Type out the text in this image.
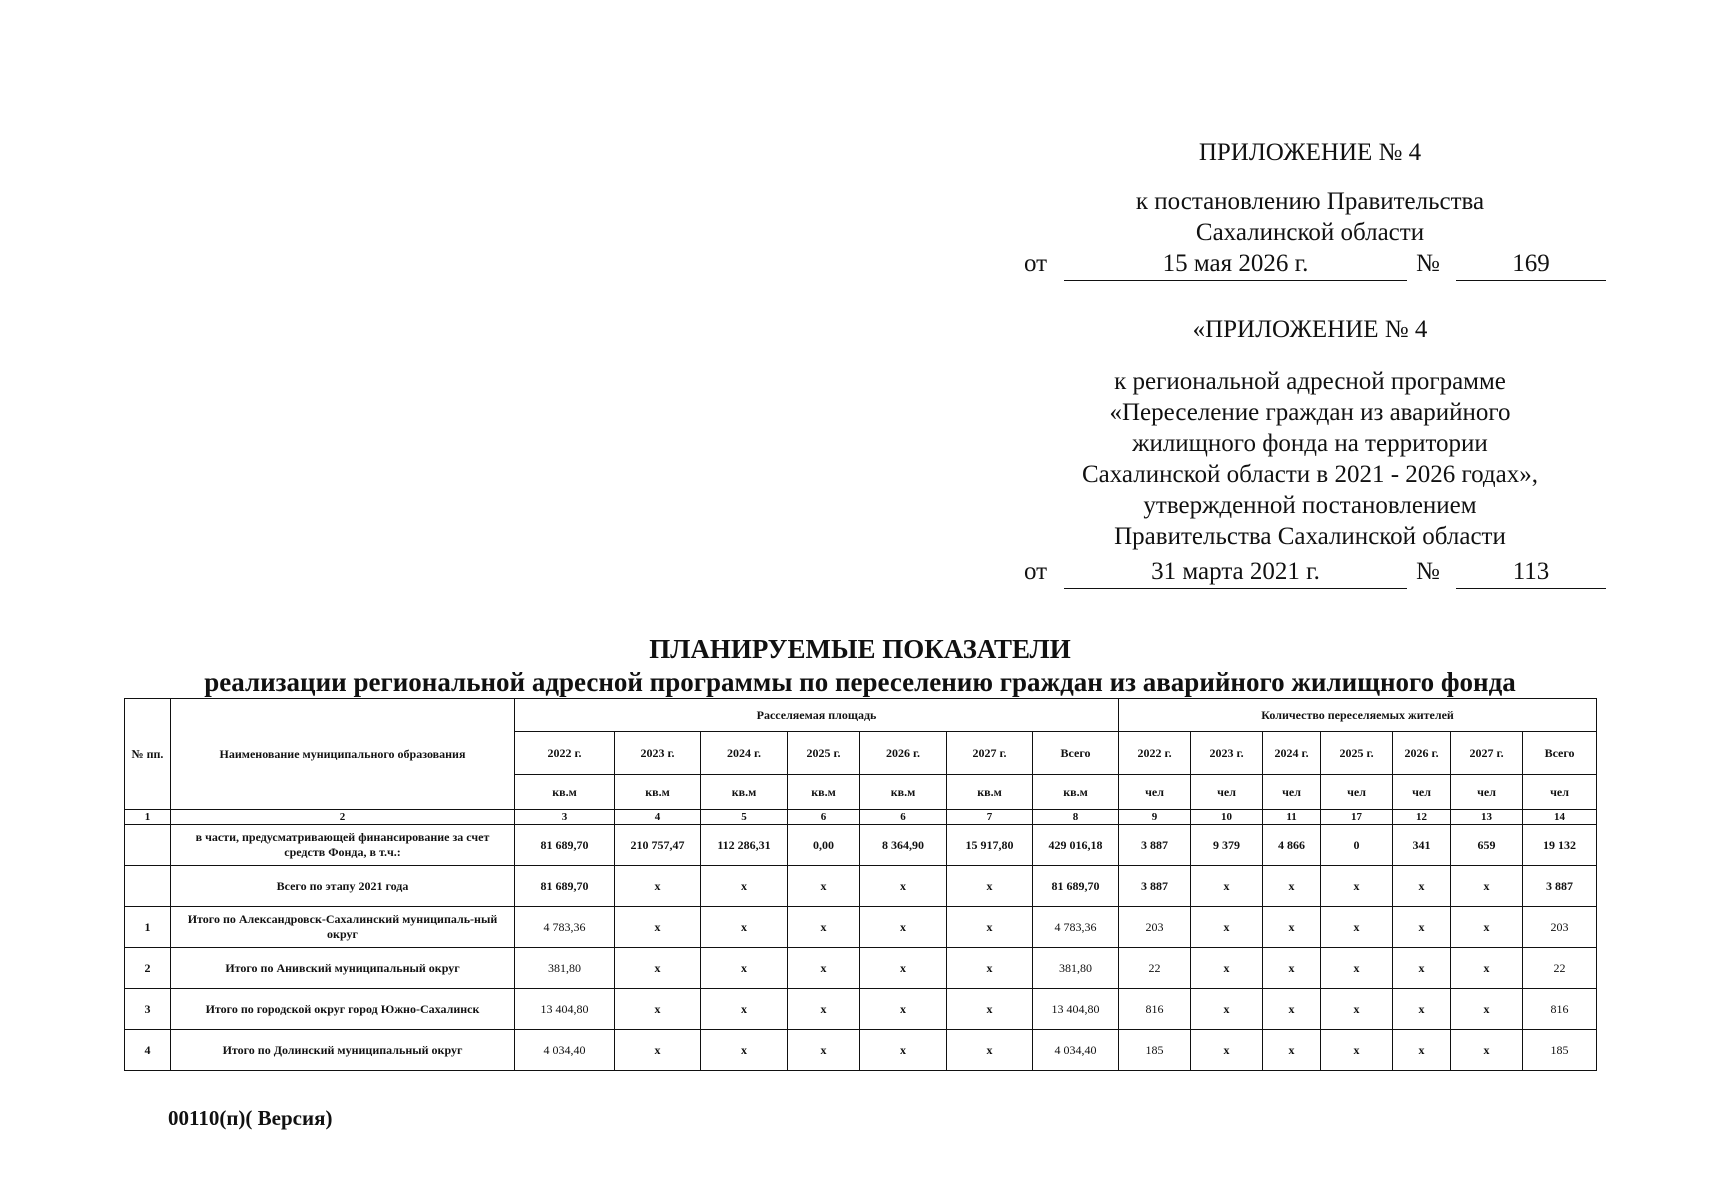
ПРИЛОЖЕНИЕ № 4
к постановлению Правительства
Сахалинской области
от	15 мая 2026 г.	№	169
«ПРИЛОЖЕНИЕ № 4
к региональной адресной программе
«Переселение граждан из аварийного
жилищного фонда на территории
Сахалинской области в 2021 - 2026 годах»,
утвержденной постановлением
Правительства Сахалинской области
от	31 марта 2021 г.	№	113
ПЛАНИРУЕМЫЕ ПОКАЗАТЕЛИ
реализации региональной адресной программы по переселению граждан из аварийного жилищного фонда
№ пп.	Наименование муниципального образования	Расселяемая площадь							Количество переселяемых жителей						
		2022 г.	2023 г.	2024 г.	2025 г.	2026 г.	2027 г.	Всего	2022 г.	2023 г.	2024 г.	2025 г.	2026 г.	2027 г.	Всего
		кв.м	кв.м	кв.м	кв.м	кв.м	кв.м	кв.м	чел	чел	чел	чел	чел	чел	чел
1	2	3	4	5	6	6	7	8	9	10	11	17	12	13	14
	в части, предусматривающей финансирование за счет средств Фонда, в т.ч.:	81 689,70	210 757,47	112 286,31	0,00	8 364,90	15 917,80	429 016,18	3 887	9 379	4 866	0	341	659	19 132
	Всего по этапу 2021 года	81 689,70	x	x	x	x	x	81 689,70	3 887	x	x	x	x	x	3 887
1	Итого по Александровск-Сахалинский муниципаль-ный округ	4 783,36	x	x	x	x	x	4 783,36	203	x	x	x	x	x	203
2	Итого по Анивский муниципальный округ	381,80	x	x	x	x	x	381,80	22	x	x	x	x	x	22
3	Итого по городской округ город Южно-Сахалинск	13 404,80	x	x	x	x	x	13 404,80	816	x	x	x	x	x	816
4	Итого по Долинский муниципальный округ	4 034,40	x	x	x	x	x	4 034,40	185	x	x	x	x	x	185
00110(п)( Версия)
